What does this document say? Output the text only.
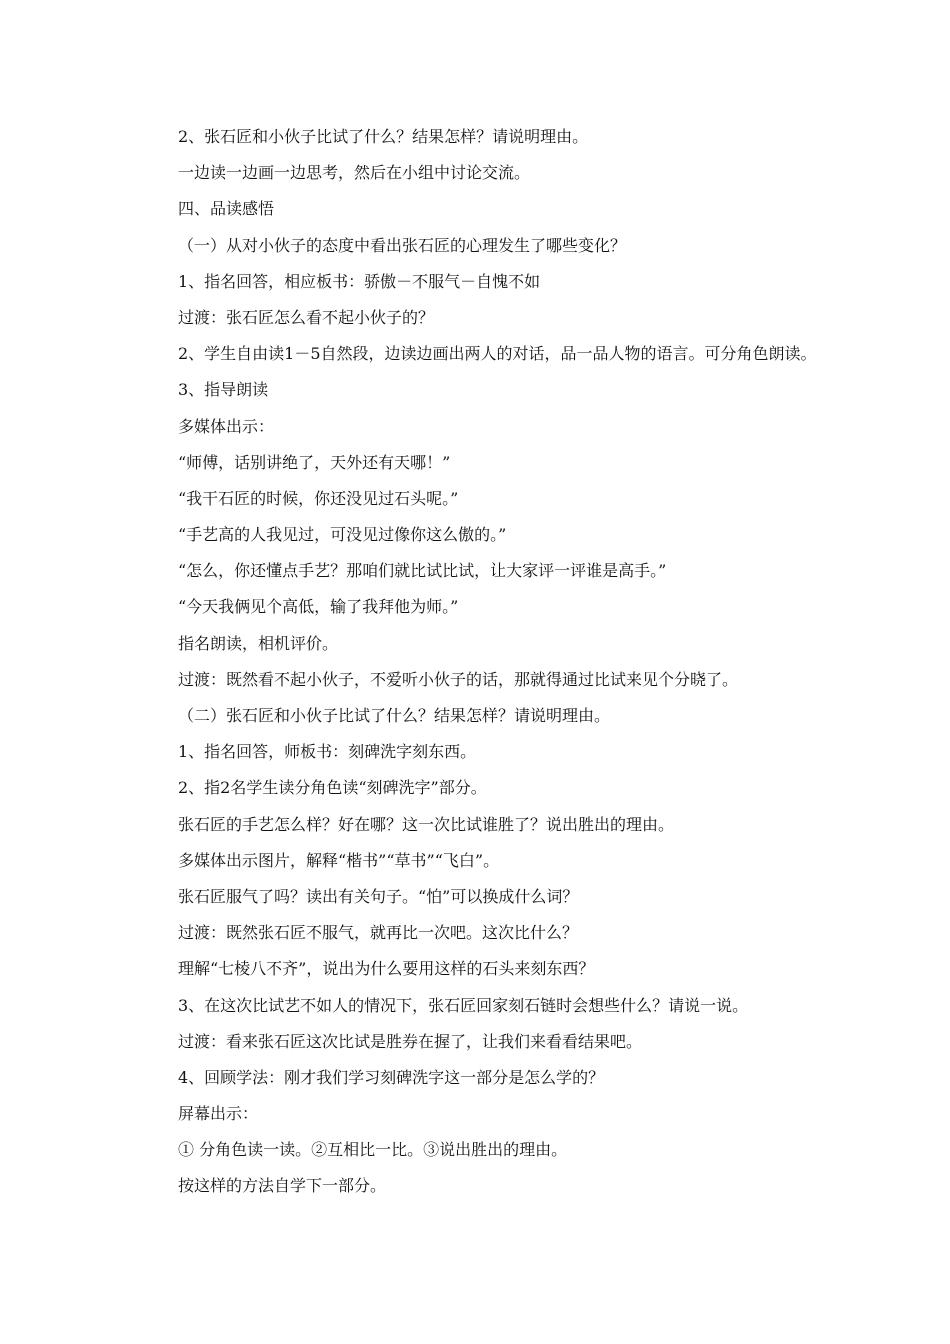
2、张石匠和小伙子比试了什么？结果怎样？请说明理由。
一边读一边画一边思考，然后在小组中讨论交流。
四、品读感悟
（一）从对小伙子的态度中看出张石匠的心理发生了哪些变化？
1、指名回答，相应板书：骄傲－不服气－自愧不如
过渡：张石匠怎么看不起小伙子的？
2、学生自由读1－5自然段，边读边画出两人的对话，品一品人物的语言。可分角色朗读。
3、指导朗读
多媒体出示：
“师傅，话别讲绝了，天外还有天哪！”
“我干石匠的时候，你还没见过石头呢。”
“手艺高的人我见过，可没见过像你这么傲的。”
“怎么，你还懂点手艺？那咱们就比试比试，让大家评一评谁是高手。”
“今天我俩见个高低，输了我拜他为师。”
指名朗读，相机评价。
过渡：既然看不起小伙子，不爱听小伙子的话，那就得通过比试来见个分晓了。
（二）张石匠和小伙子比试了什么？结果怎样？请说明理由。
1、指名回答，师板书：刻碑洗字刻东西。
2、指2名学生读分角色读“刻碑洗字”部分。
张石匠的手艺怎么样？好在哪？这一次比试谁胜了？说出胜出的理由。
多媒体出示图片，解释“楷书”“草书”“飞白”。
张石匠服气了吗？读出有关句子。“怕”可以换成什么词？
过渡：既然张石匠不服气，就再比一次吧。这次比什么？
理解“七棱八不齐”，说出为什么要用这样的石头来刻东西？
3、在这次比试艺不如人的情况下，张石匠回家刻石链时会想些什么？请说一说。
过渡：看来张石匠这次比试是胜券在握了，让我们来看看结果吧。
4、回顾学法：刚才我们学习刻碑洗字这一部分是怎么学的？
屏幕出示：
① 分角色读一读。②互相比一比。③说出胜出的理由。
按这样的方法自学下一部分。
